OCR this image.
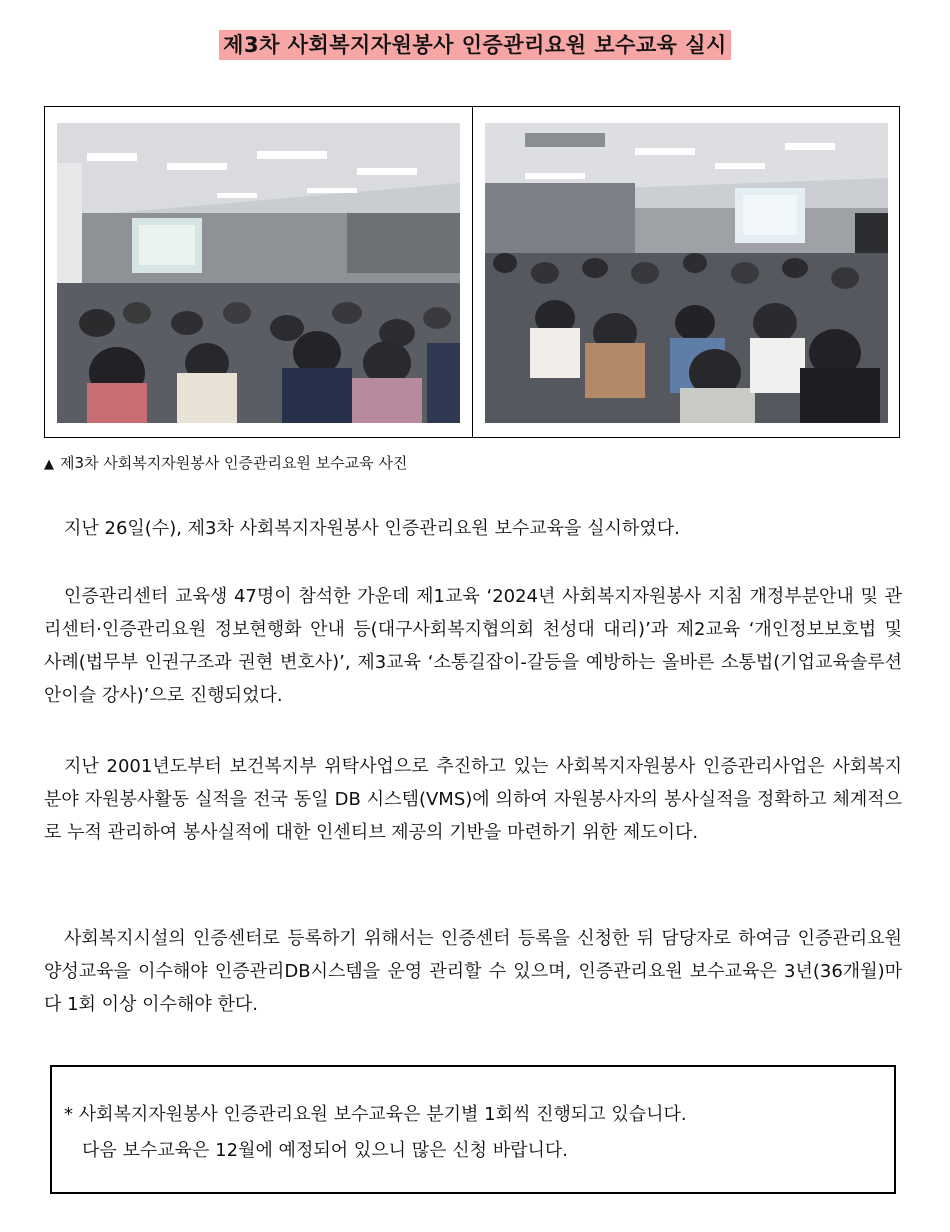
제3차 사회복지자원봉사 인증관리요원 보수교육 실시
▲ 제3차 사회복지자원봉사 인증관리요원 보수교육 사진

지난 26일(수), 제3차 사회복지자원봉사 인증관리요원 보수교육을 실시하였다.

인증관리센터 교육생 47명이 참석한 가운데 제1교육 ‘2024년 사회복지자원봉사 지침 개정부분안내 및 관리센터·인증관리요원 정보현행화 안내 등(대구사회복지협의회 천성대 대리)’과 제2교육 ‘개인정보보호법 및 사례(법무부 인권구조과 권현 변호사)’, 제3교육 ‘소통길잡이-갈등을 예방하는 올바른 소통법(기업교육솔루션 안이슬 강사)’으로 진행되었다.

지난 2001년도부터 보건복지부 위탁사업으로 추진하고 있는 사회복지자원봉사 인증관리사업은 사회복지분야 자원봉사활동 실적을 전국 동일 DB 시스템(VMS)에 의하여 자원봉사자의 봉사실적을 정확하고 체계적으로 누적 관리하여 봉사실적에 대한 인센티브 제공의 기반을 마련하기 위한 제도이다.

사회복지시설의 인증센터로 등록하기 위해서는 인증센터 등록을 신청한 뒤 담당자로 하여금 인증관리요원 양성교육을 이수해야 인증관리DB시스템을 운영 관리할 수 있으며, 인증관리요원 보수교육은 3년(36개월)마다 1회 이상 이수해야 한다.

* 사회복지자원봉사 인증관리요원 보수교육은 분기별 1회씩 진행되고 있습니다.
다음 보수교육은 12월에 예정되어 있으니 많은 신청 바랍니다.
